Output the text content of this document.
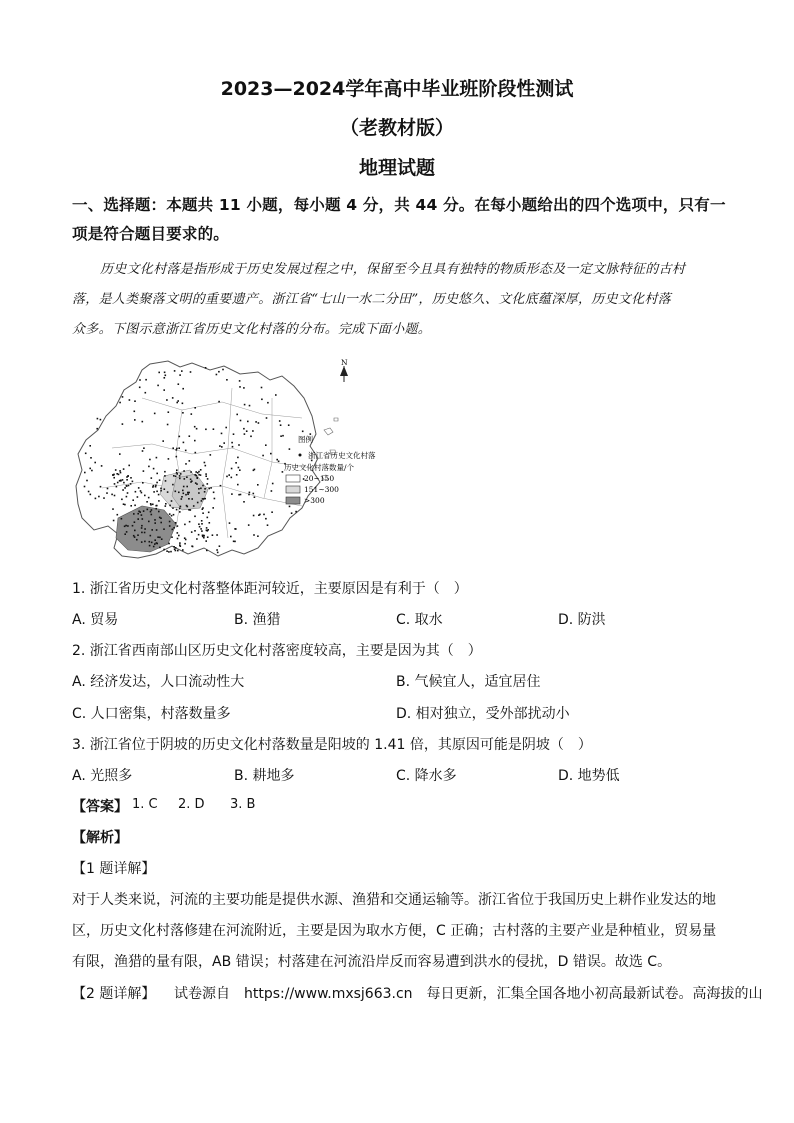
2023—2024学年高中毕业班阶段性测试
（老教材版）
地理试题
一、选择题：本题共 11 小题，每小题 4 分，共 44 分。在每小题给出的四个选项中，只有一
项是符合题目要求的。
历史文化村落是指形成于历史发展过程之中，保留至今且具有独特的物质形态及一定文脉特征的古村
落，是人类聚落文明的重要遗产。浙江省“七山一水二分田”，历史悠久、文化底蕴深厚，历史文化村落
众多。下图示意浙江省历史文化村落的分布。完成下面小题。
N
图例
浙江省历史文化村落
历史文化村落数量/个
20~150
151~300
>300
1. 浙江省历史文化村落整体距河较近，主要原因是有利于（　）
A. 贸易	B. 渔猎	C. 取水	D. 防洪
2. 浙江省西南部山区历史文化村落密度较高，主要是因为其（　）
A. 经济发达，人口流动性大	B. 气候宜人，适宜居住
C. 人口密集，村落数量多	D. 相对独立，受外部扰动小
3. 浙江省位于阴坡的历史文化村落数量是阳坡的 1.41 倍，其原因可能是阴坡（　）
A. 光照多	B. 耕地多	C. 降水多	D. 地势低
【答案】 1. C 2. D 3. B
【解析】
【1 题详解】
对于人类来说，河流的主要功能是提供水源、渔猎和交通运输等。浙江省位于我国历史上耕作业发达的地
区，历史文化村落修建在河流附近，主要是因为取水方便，C 正确；古村落的主要产业是种植业，贸易量
有限，渔猎的量有限，AB 错误；村落建在河流沿岸反而容易遭到洪水的侵扰，D 错误。故选 C。
【2 题详解】 试卷源自　https://www.mxsj663.cn　每日更新，汇集全国各地小初高最新试卷。高海拔的山
